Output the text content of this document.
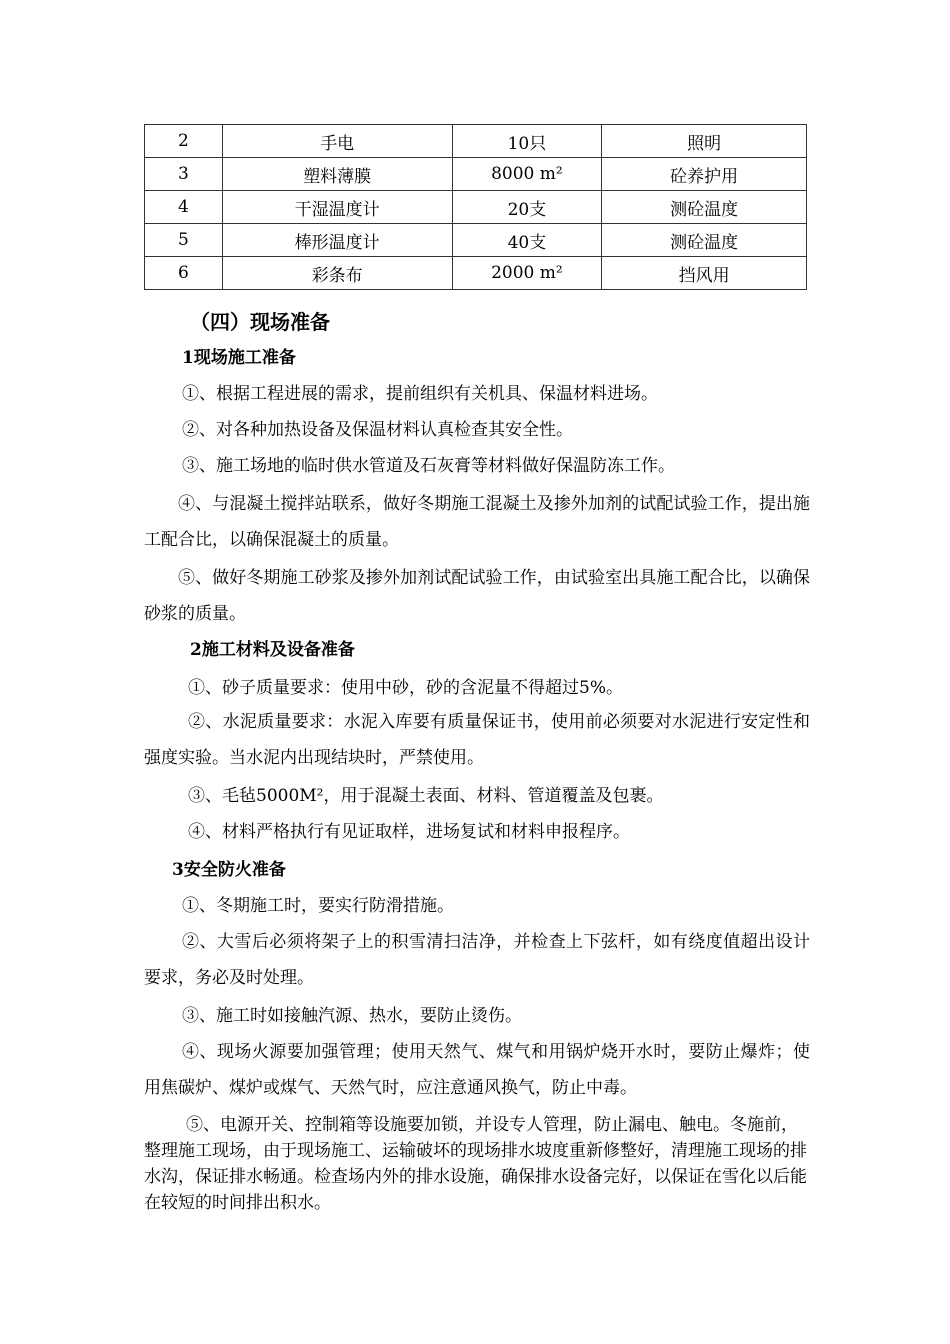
2	手电	10只	照明
3	塑料薄膜	8000 m²	砼养护用
4	干湿温度计	20支	测砼温度
5	棒形温度计	40支	测砼温度
6	彩条布	2000 m²	挡风用
（四）现场准备
1现场施工准备
①、根据工程进展的需求，提前组织有关机具、保温材料进场。
②、对各种加热设备及保温材料认真检查其安全性。
③、施工场地的临时供水管道及石灰膏等材料做好保温防冻工作。
④、与混凝土搅拌站联系，做好冬期施工混凝土及掺外加剂的试配试验工作，提出施工配合比，以确保混凝土的质量。
⑤、做好冬期施工砂浆及掺外加剂试配试验工作，由试验室出具施工配合比，以确保砂浆的质量。
2施工材料及设备准备
①、砂子质量要求：使用中砂，砂的含泥量不得超过5%。
②、水泥质量要求：水泥入库要有质量保证书，使用前必须要对水泥进行安定性和强度实验。当水泥内出现结块时，严禁使用。
③、毛毡5000M²，用于混凝土表面、材料、管道覆盖及包裹。
④、材料严格执行有见证取样，进场复试和材料申报程序。
3安全防火准备
①、冬期施工时，要实行防滑措施。
②、大雪后必须将架子上的积雪清扫洁净，并检查上下弦杆，如有绕度值超出设计要求，务必及时处理。
③、施工时如接触汽源、热水，要防止烫伤。
④、现场火源要加强管理；使用天然气、煤气和用锅炉烧开水时，要防止爆炸；使用焦碳炉、煤炉或煤气、天然气时，应注意通风换气，防止中毒。
⑤、电源开关、控制箱等设施要加锁，并设专人管理，防止漏电、触电。冬施前，整理施工现场，由于现场施工、运输破坏的现场排水坡度重新修整好，清理施工现场的排水沟，保证排水畅通。检查场内外的排水设施，确保排水设备完好，以保证在雪化以后能在较短的时间排出积水。
